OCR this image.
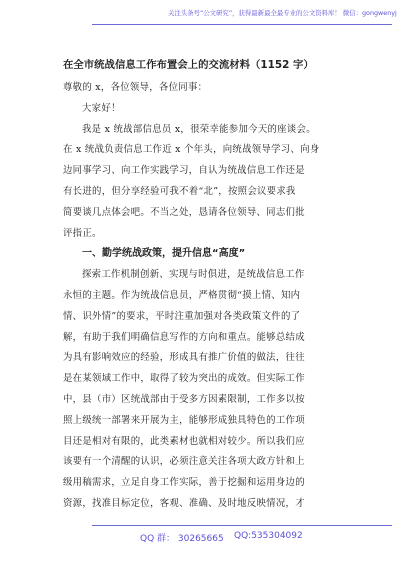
关注头条号“公文研究”，获得最新最全最专业的公文资料库！ 微信：gongwenyj
在全市统战信息工作布置会上的交流材料（1152 字）
尊敬的 x，各位领导，各位同事：
大家好！
我是 x 统战部信息员 x，很荣幸能参加今天的座谈会。
在 x 统战负责信息工作近 x 个年头，向统战领导学习、向身
边同事学习、向工作实践学习，自认为统战信息工作还是
有长进的，但分享经验可我不着“北”，按照会议要求我
简要谈几点体会吧。不当之处，恳请各位领导、同志们批
评指正。
一、勤学统战政策，提升信息“高度”
探索工作机制创新、实现与时俱进，是统战信息工作
永恒的主题。作为统战信息员，严格贯彻“摸上情、知内
情、识外情”的要求，平时注重加强对各类政策文件的了
解，有助于我们明确信息写作的方向和重点。能够总结成
为具有影响效应的经验，形成具有推广价值的做法，往往
是在某领域工作中，取得了较为突出的成效。但实际工作
中，县（市）区统战部由于受多方因素限制，工作多以按
照上级统一部署来开展为主，能够形成独具特色的工作项
目还是相对有限的，此类素材也就相对较少。所以我们应
该要有一个清醒的认识，必须注意关注各项大政方针和上
级用稿需求，立足自身工作实际，善于挖掘和运用身边的
资源，找准目标定位，客观、准确、及时地反映情况，才
QQ 群： 30265665 QQ:535304092
